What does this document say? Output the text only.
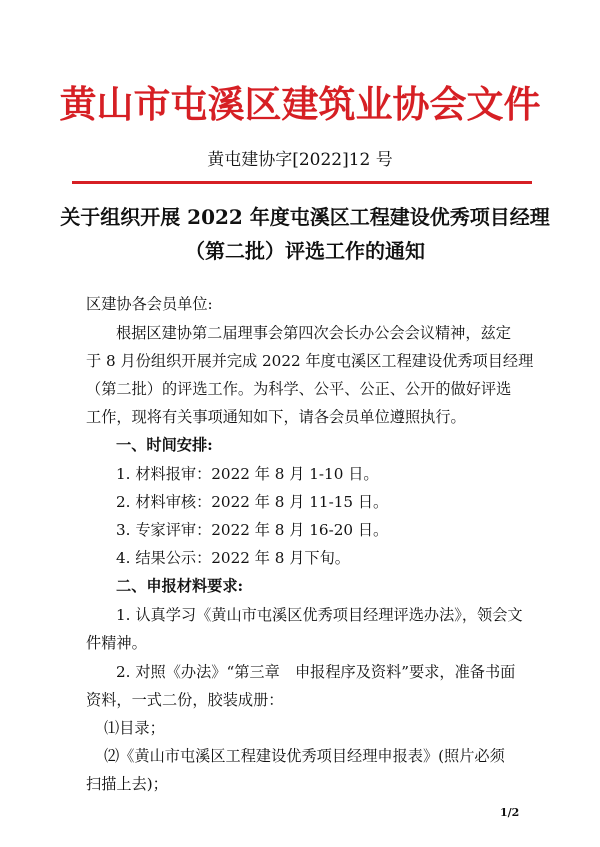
黄山市屯溪区建筑业协会文件
黄屯建协字[2022]12 号
关于组织开展 2022 年度屯溪区工程建设优秀项目经理
（第二批）评选工作的通知
区建协各会员单位:
根据区建协第二届理事会第四次会长办公会会议精神，兹定
于 8 月份组织开展并完成 2022 年度屯溪区工程建设优秀项目经理
（第二批）的评选工作。为科学、公平、公正、公开的做好评选
工作，现将有关事项通知如下，请各会员单位遵照执行。
一、时间安排:
1. 材料报审：2022 年 8 月 1-10 日。
2. 材料审核：2022 年 8 月 11-15 日。
3. 专家评审：2022 年 8 月 16-20 日。
4. 结果公示：2022 年 8 月下旬。
二、申报材料要求:
1. 认真学习《黄山市屯溪区优秀项目经理评选办法》，领会文
件精神。
2. 对照《办法》“第三章　申报程序及资料”要求，准备书面
资料，一式二份，胶装成册：
⑴目录；
⑵《黄山市屯溪区工程建设优秀项目经理申报表》(照片必须
扫描上去)；
1/2
